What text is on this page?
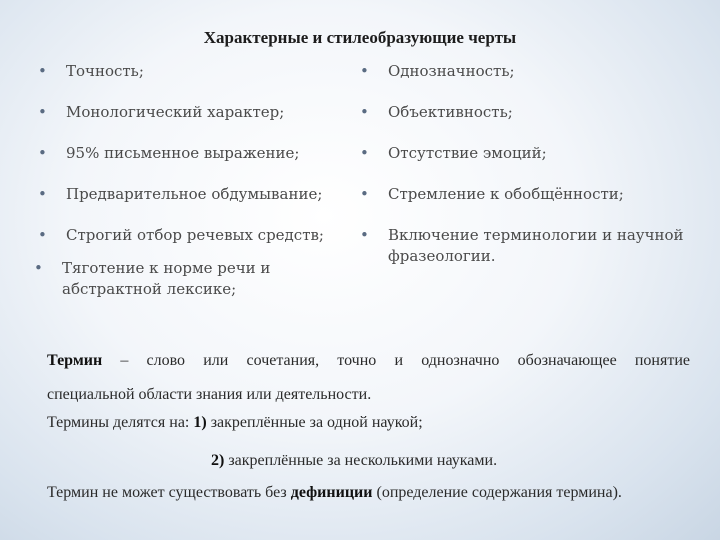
Характерные и стилеобразующие черты
• Точность;
• Монологический характер;
• 95% письменное выражение;
• Предварительное обдумывание;
• Строгий отбор речевых средств;
•	Тяготение к норме речи и абстрактной лексике;
• Однозначность;
• Объективность;
• Отсутствие эмоций;
• Стремление к обобщённости;
• Включение терминологии и научной фразеологии.
Термин – слово или сочетания, точно и однозначно обозначающее понятие
специальной области знания или деятельности.
Термины делятся на: 1) закреплённые за одной наукой;
2) закреплённые за несколькими науками.
Термин не может существовать без дефиниции (определение содержания термина).
